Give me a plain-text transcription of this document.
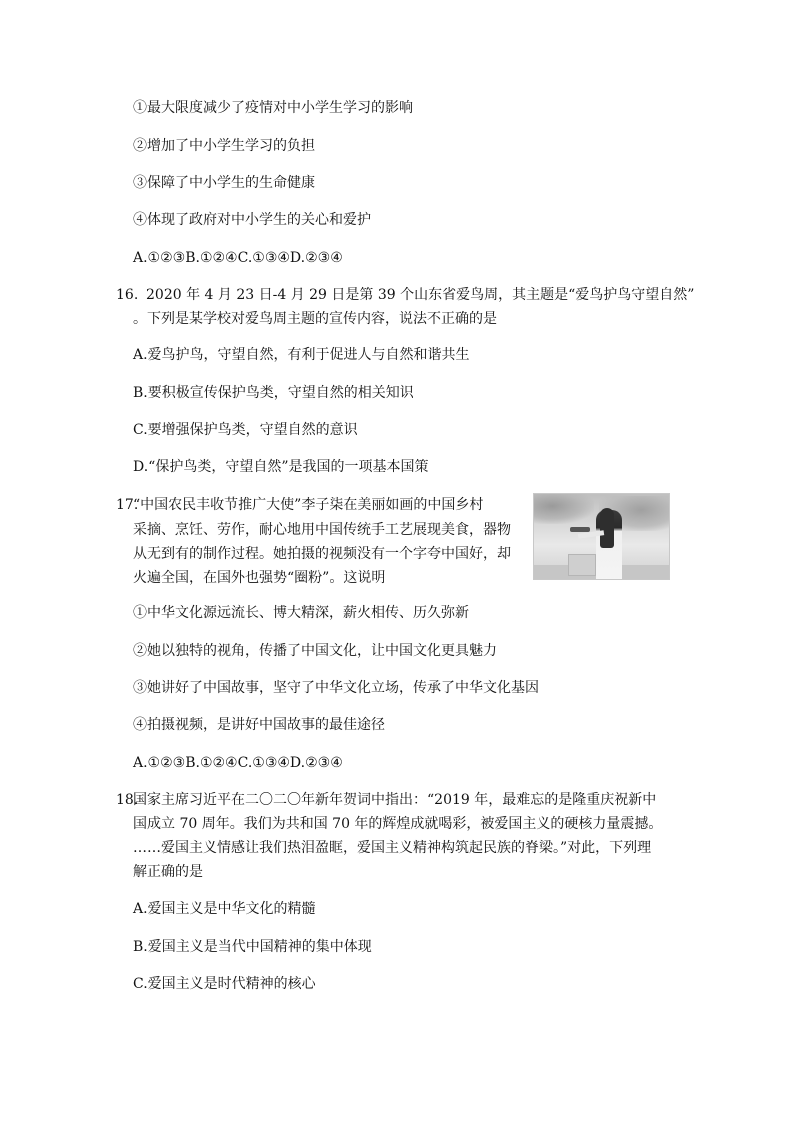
①最大限度减少了疫情对中小学生学习的影响
②增加了中小学生学习的负担
③保障了中小学生的生命健康
④体现了政府对中小学生的关心和爱护
A.①②③B.①②④C.①③④D.②③④
16. 2020 年 4 月 23 日-4 月 29 日是第 39 个山东省爱鸟周，其主题是“爱鸟护鸟守望自然”
。下列是某学校对爱鸟周主题的宣传内容，说法不正确的是
A.爱鸟护鸟，守望自然，有利于促进人与自然和谐共生
B.要积极宣传保护鸟类，守望自然的相关知识
C.要增强保护鸟类，守望自然的意识
D.“保护鸟类，守望自然”是我国的一项基本国策
17.
“中国农民丰收节推广大使”李子柒在美丽如画的中国乡村
采摘、烹饪、劳作，耐心地用中国传统手工艺展现美食，器物
从无到有的制作过程。她拍摄的视频没有一个字夸中国好，却
火遍全国，在国外也强势“圈粉”。这说明
①中华文化源远流长、博大精深，薪火相传、历久弥新
②她以独特的视角，传播了中国文化，让中国文化更具魅力
③她讲好了中国故事，坚守了中华文化立场，传承了中华文化基因
④拍摄视频，是讲好中国故事的最佳途径
A.①②③B.①②④C.①③④D.②③④
18.
国家主席习近平在二〇二〇年新年贺词中指出：“2019 年，最难忘的是隆重庆祝新中
国成立 70 周年。我们为共和国 70 年的辉煌成就喝彩，被爱国主义的硬核力量震撼。
……爱国主义情感让我们热泪盈眶，爱国主义精神构筑起民族的脊梁。”对此，下列理
解正确的是
A.爱国主义是中华文化的精髓
B.爱国主义是当代中国精神的集中体现
C.爱国主义是时代精神的核心
